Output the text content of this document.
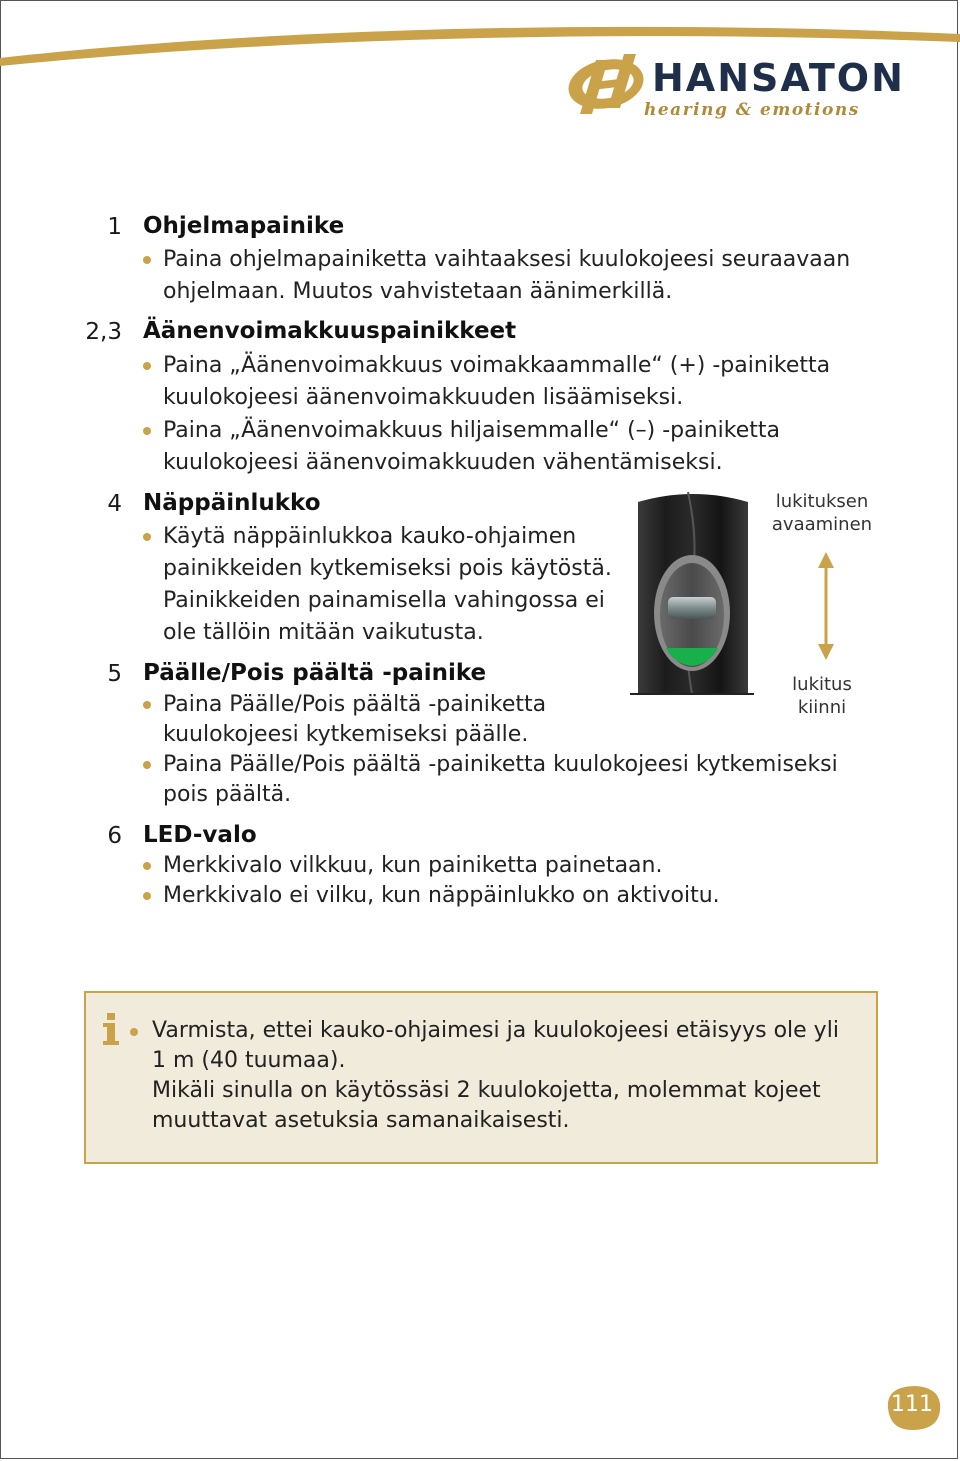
HANSATON
hearing & emotions
1 Ohjelmapainike
Paina ohjelmapainiketta vaihtaaksesi kuulokojeesi seuraavaan
ohjelmaan. Muutos vahvistetaan äänimerkillä.
2,3 Äänenvoimakkuuspainikkeet
Paina „Äänenvoimakkuus voimakkaammalle“ (+) -painiketta
kuulokojeesi äänenvoimakkuuden lisäämiseksi.
Paina „Äänenvoimakkuus hiljaisemmalle“ (–) -painiketta
kuulokojeesi äänenvoimakkuuden vähentämiseksi.
4 Näppäinlukko
Käytä näppäinlukkoa kauko-ohjaimen
painikkeiden kytkemiseksi pois käytöstä.
Painikkeiden painamisella vahingossa ei
ole tällöin mitään vaikutusta.
lukituksen
avaaminen
lukitus
kiinni
5 Päälle/Pois päältä -painike
Paina Päälle/Pois päältä -painiketta
kuulokojeesi kytkemiseksi päälle.
Paina Päälle/Pois päältä -painiketta kuulokojeesi kytkemiseksi
pois päältä.
6 LED-valo
Merkkivalo vilkkuu, kun painiketta painetaan.
Merkkivalo ei vilku, kun näppäinlukko on aktivoitu.
Varmista, ettei kauko-ohjaimesi ja kuulokojeesi etäisyys ole yli
1 m (40 tuumaa).
Mikäli sinulla on käytössäsi 2 kuulokojetta, molemmat kojeet
muuttavat asetuksia samanaikaisesti.
111
